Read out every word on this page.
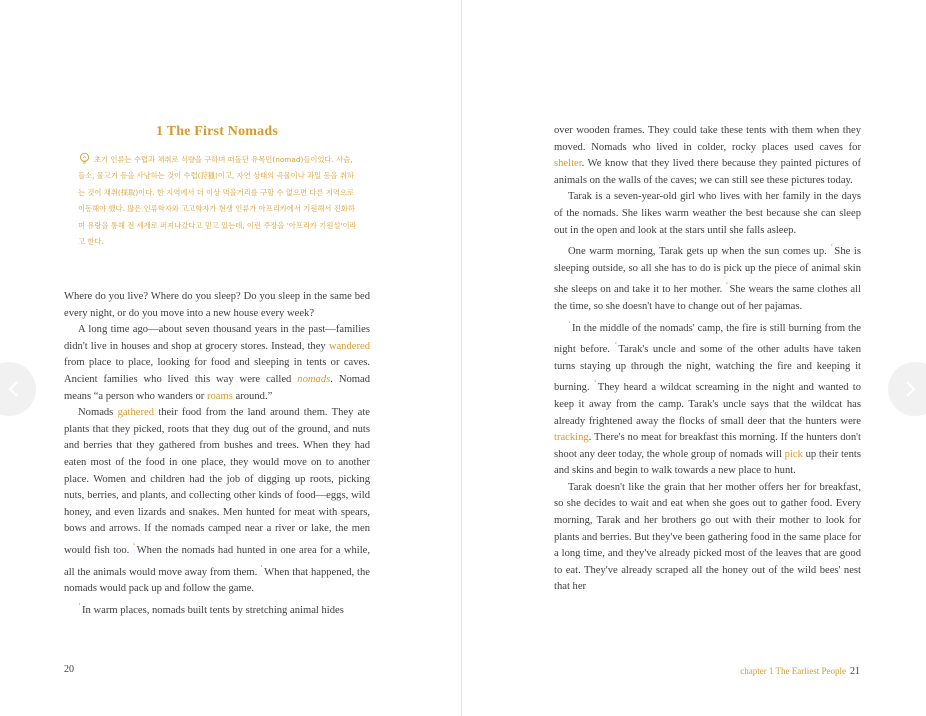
1 The First Nomads
초기 인류는 수렵과 채취로 식량을 구하며 떠돌던 유목민(nomad)들이었다. 사슴, 들소, 물고기 등을 사냥하는 것이 수렵(狩獵)이고, 자연 상태의 곡물이나 과일 등을 취하는 것이 채취(採取)이다. 한 지역에서 더 이상 먹을거리를 구할 수 없으면 다른 지역으로 이동해야 했다. 많은 인류학자와 고고학자가 현생 인류가 아프리카에서 기원해서 진화하며 유랑을 통해 전 세계로 퍼져나갔다고 믿고 있는데, 이런 주장을 '아프리카 기원설'이라고 한다.

Where do you live? Where do you sleep? Do you sleep in the same bed every night, or do you move into a new house every week?

A long time ago—about seven thousand years in the past—families didn't live in houses and shop at grocery stores. Instead, they wandered from place to place, looking for food and sleeping in tents or caves. Ancient families who lived this way were called nomads. Nomad means “a person who wanders or roams around.”

Nomads gathered their food from the land around them. They ate plants that they picked, roots that they dug out of the ground, and nuts and berries that they gathered from bushes and trees. When they had eaten most of the food in one place, they would move on to another place. Women and children had the job of digging up roots, picking nuts, berries, and plants, and collecting other kinds of food—eggs, wild honey, and even lizards and snakes. Men hunted for meat with spears, bows and arrows. If the nomads camped near a river or lake, the men would fish too. $^ʻ$When the nomads had hunted in one area for a while, all the animals would move away from them. $^ʻ$When that happened, the nomads would pack up and follow the game.

$^ʻ$In warm places, nomads built tents by stretching animal hides

20	chapter 1 The Earliest People 21

over wooden frames. They could take these tents with them when they moved. Nomads who lived in colder, rocky places used caves for shelter. We know that they lived there because they painted pictures of animals on the walls of the caves; we can still see these pictures today.

Tarak is a seven-year-old girl who lives with her family in the days of the nomads. She likes warm weather the best because she can sleep out in the open and look at the stars until she falls asleep.

One warm morning, Tarak gets up when the sun comes up. $^ʻ$She is sleeping outside, so all she has to do is pick up the piece of animal skin she sleeps on and take it to her mother. $^ʻ$She wears the same clothes all the time, so she doesn't have to change out of her pajamas.

$^ʻ$In the middle of the nomads' camp, the fire is still burning from the night before. $^ʻ$Tarak's uncle and some of the other adults have taken turns staying up through the night, watching the fire and keeping it burning. $^ʻ$They heard a wildcat screaming in the night and wanted to keep it away from the camp. Tarak's uncle says that the wildcat has already frightened away the flocks of small deer that the hunters were tracking. There's no meat for breakfast this morning. If the hunters don't shoot any deer today, the whole group of nomads will pick up their tents and skins and begin to walk towards a new place to hunt.

Tarak doesn't like the grain that her mother offers her for breakfast, so she decides to wait and eat when she goes out to gather food. Every morning, Tarak and her brothers go out with their mother to look for plants and berries. But they've been gathering food in the same place for a long time, and they've already picked most of the leaves that are good to eat. They've already scraped all the honey out of the wild bees' nest that her
